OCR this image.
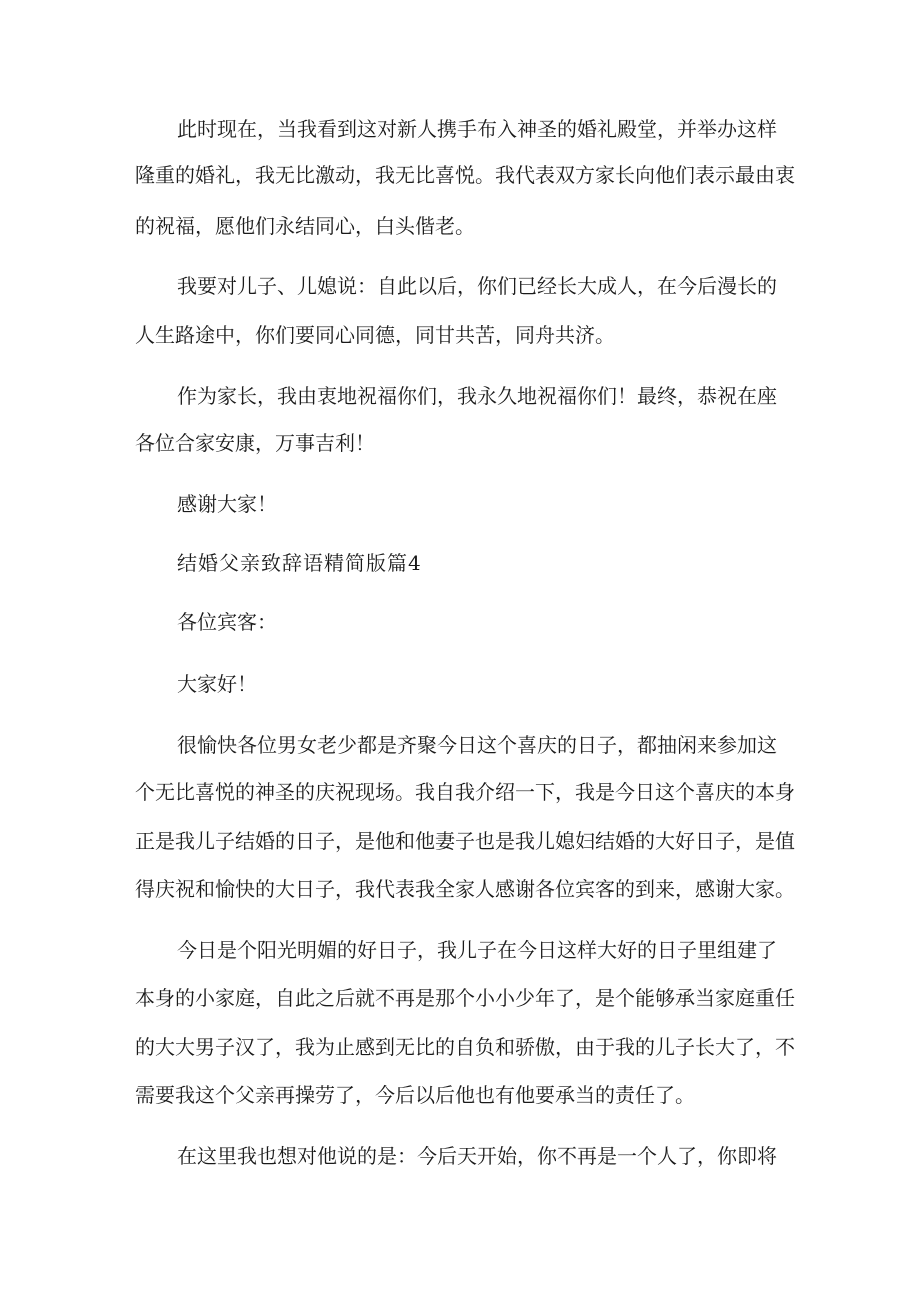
此时现在，当我看到这对新人携手布入神圣的婚礼殿堂，并举办这样
隆重的婚礼，我无比激动，我无比喜悦。我代表双方家长向他们表示最由衷
的祝福，愿他们永结同心，白头偕老。
我要对儿子、儿媳说：自此以后，你们已经长大成人，在今后漫长的
人生路途中，你们要同心同德，同甘共苦，同舟共济。
作为家长，我由衷地祝福你们，我永久地祝福你们！最终，恭祝在座
各位合家安康，万事吉利！
感谢大家！
结婚父亲致辞语精简版篇4
各位宾客：
大家好！
很愉快各位男女老少都是齐聚今日这个喜庆的日子，都抽闲来参加这
个无比喜悦的神圣的庆祝现场。我自我介绍一下，我是今日这个喜庆的本身
正是我儿子结婚的日子，是他和他妻子也是我儿媳妇结婚的大好日子，是值
得庆祝和愉快的大日子，我代表我全家人感谢各位宾客的到来，感谢大家。
今日是个阳光明媚的好日子，我儿子在今日这样大好的日子里组建了
本身的小家庭，自此之后就不再是那个小小少年了，是个能够承当家庭重任
的大大男子汉了，我为止感到无比的自负和骄傲，由于我的儿子长大了，不
需要我这个父亲再操劳了，今后以后他也有他要承当的责任了。
在这里我也想对他说的是：今后天开始，你不再是一个人了，你即将
